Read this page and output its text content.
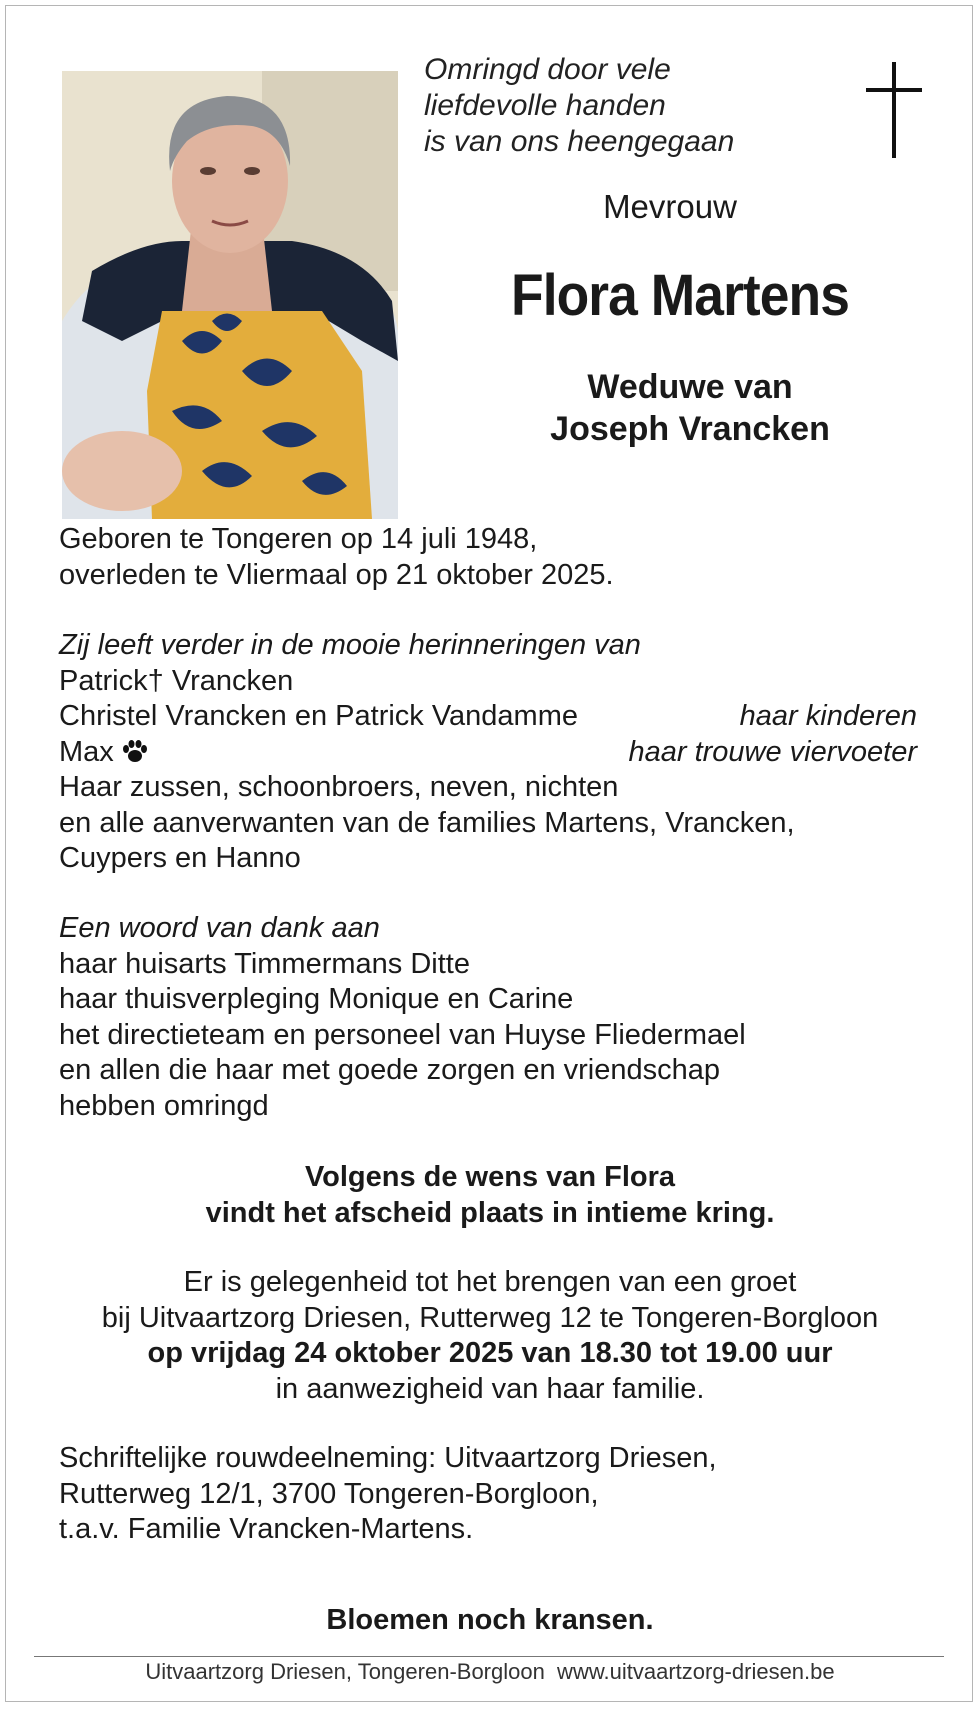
Omringd door vele
liefdevolle handen
is van ons heengegaan
Mevrouw
Flora Martens
Weduwe van
Joseph Vrancken
Geboren te Tongeren op 14 juli 1948,
overleden te Vliermaal op 21 oktober 2025.
Zij leeft verder in de mooie herinneringen van
Patrick† Vrancken
Christel Vrancken en Patrick Vandamme	haar kinderen
Max	haar trouwe viervoeter
Haar zussen, schoonbroers, neven, nichten
en alle aanverwanten van de families Martens, Vrancken,
Cuypers en Hanno
Een woord van dank aan
haar huisarts Timmermans Ditte
haar thuisverpleging Monique en Carine
het directieteam en personeel van Huyse Fliedermael
en allen die haar met goede zorgen en vriendschap
hebben omringd
Volgens de wens van Flora
vindt het afscheid plaats in intieme kring.
Er is gelegenheid tot het brengen van een groet
bij Uitvaartzorg Driesen, Rutterweg 12 te Tongeren-Borgloon
op vrijdag 24 oktober 2025 van 18.30 tot 19.00 uur
in aanwezigheid van haar familie.
Schriftelijke rouwdeelneming: Uitvaartzorg Driesen,
Rutterweg 12/1, 3700 Tongeren-Borgloon,
t.a.v. Familie Vrancken-Martens.
Bloemen noch kransen.
Uitvaartzorg Driesen, Tongeren-Borgloon  www.uitvaartzorg-driesen.be
